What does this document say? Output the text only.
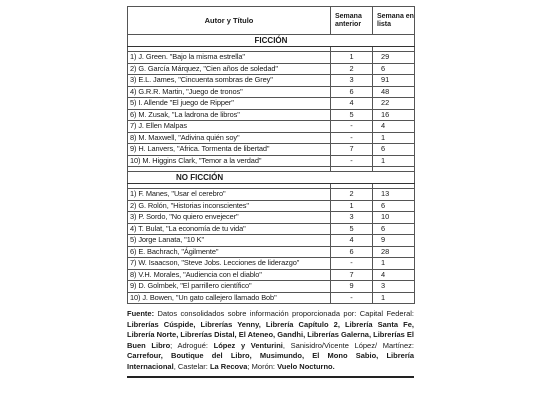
Autor y Título	Semana anterior	Semana en lista
FICCIÓN		

1) J. Green. "Bajo la misma estrella"	1	29
2) G. García Márquez, "Cien años de soledad"	2	6
3) E.L. James, "Cincuenta sombras de Grey"	3	91
4) G.R.R. Martin, "Juego de tronos"	6	48
5) I. Allende "El juego de Ripper"	4	22
6) M. Zusak, "La ladrona de libros"	5	16
7) J. Ellen Malpas	-	4
8) M. Maxwell, "Adivina quién soy"	-	1
9) H. Lanvers, "Africa. Tormenta de libertad"	7	6
10) M. Higgins Clark, "Temor a la verdad"	-	1

NO FICCIÓN		

1) F. Manes, "Usar el cerebro"	2	13
2) G. Rolón, "Historias inconscientes"	1	6
3) P. Sordo, "No quiero envejecer"	3	10
4) T. Bulat, "La economía de tu vida"	5	6
5) Jorge Lanata, "10 K"	4	9
6) E. Bachrach, "Ágilmente"	6	28
7) W. Isaacson, "Steve Jobs. Lecciones de liderazgo"	-	1
8) V.H. Morales, "Audiencia con el diablo"	7	4
9) D. Golmbek, "El parrillero científico"	9	3
10) J. Bowen, "Un gato callejero llamado Bob"	-	1
Fuente: Datos consolidados sobre información proporcionada por: Capital Federal: Librerías Cúspide, Librerías Yenny, Librería Capítulo 2, Librería Santa Fe, Librería Norte, Librerías Distal, El Ateneo, Gandhi, Librerías Galerna, Librerías El Buen Libro; Adrogué: López y Venturini, Sanisidro/Vicente López/ Martínez: Carrefour, Boutique del Libro, Musimundo, El Mono Sabio, Librería Internacional, Castelar: La Recova; Morón: Vuelo Nocturno.
